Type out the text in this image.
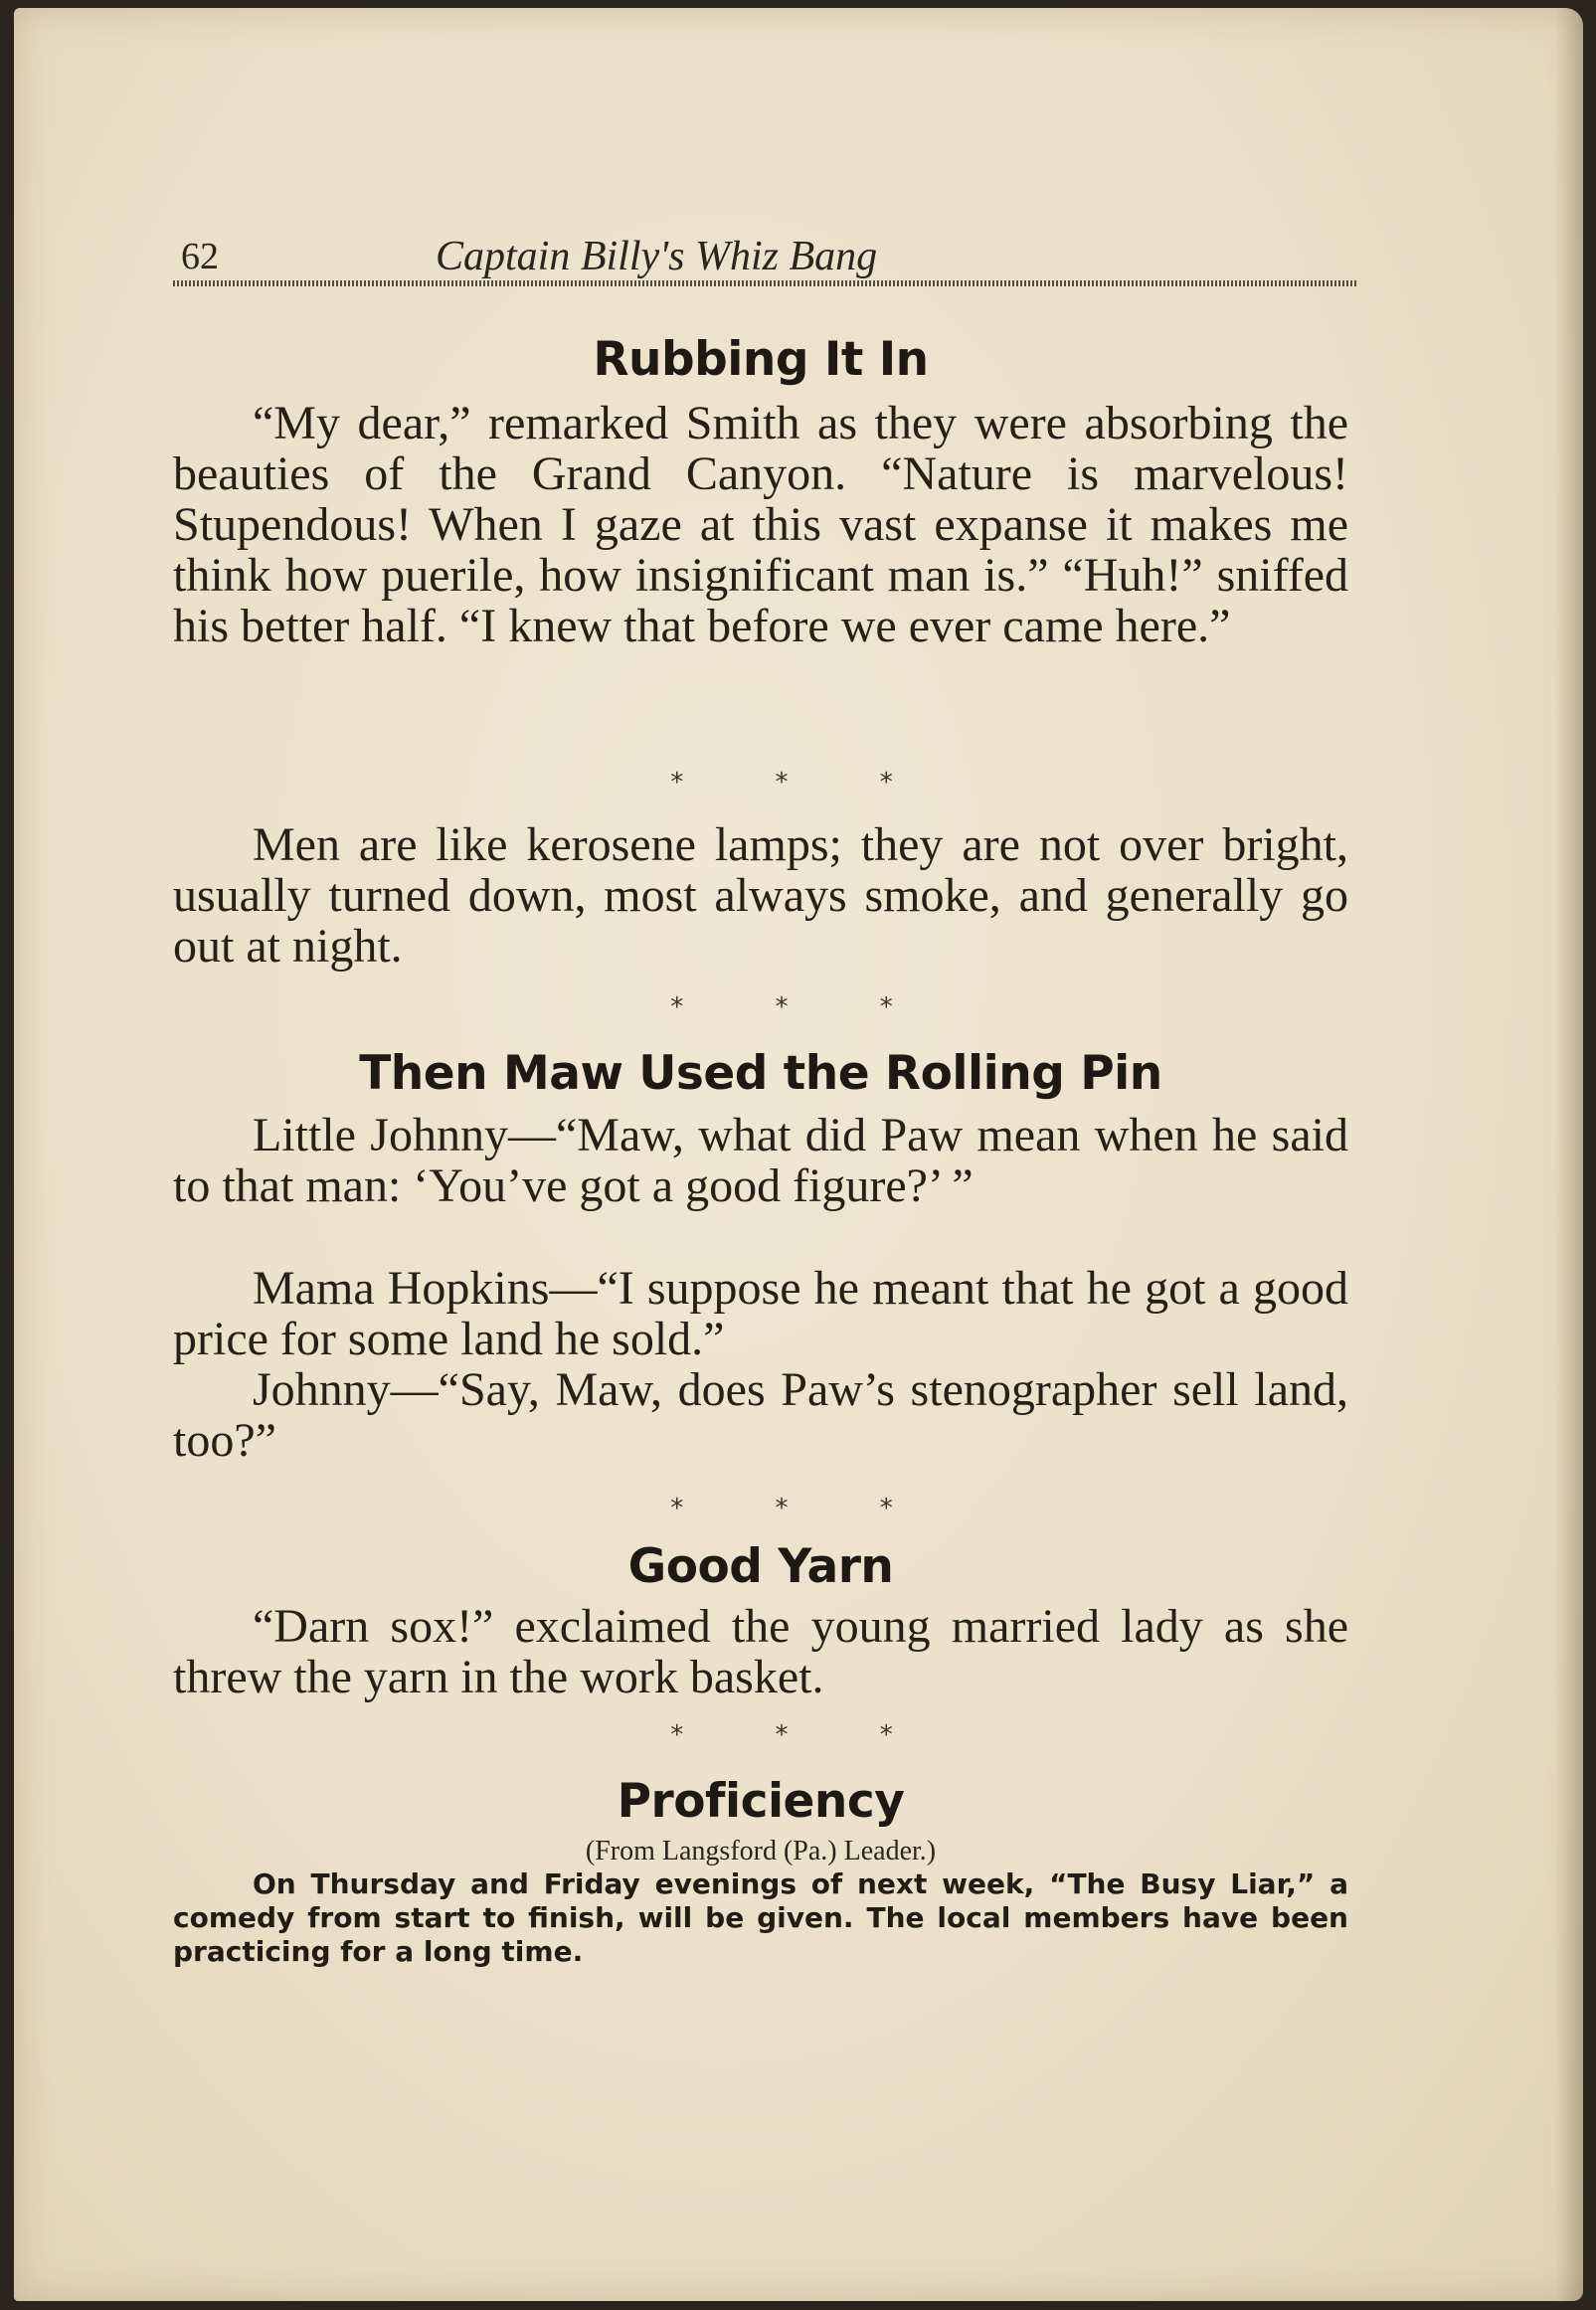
62	Captain Billy's Whiz Bang
Rubbing It In

“My dear,” remarked Smith as they were absorbing the beauties of the Grand Canyon. “Nature is marvelous! Stupendous! When I gaze at this vast expanse it makes me think how puerile, how insignificant man is.” “Huh!” sniffed his better half. “I knew that before we ever came here.”

* * *

Men are like kerosene lamps; they are not over bright, usually turned down, most always smoke, and generally go out at night.

* * *

Then Maw Used the Rolling Pin

Little Johnny—“Maw, what did Paw mean when he said to that man: ‘You’ve got a good figure?’ ”

Mama Hopkins—“I suppose he meant that he got a good price for some land he sold.”

Johnny—“Say, Maw, does Paw’s stenographer sell land, too?”

* * *

Good Yarn

“Darn sox!” exclaimed the young married lady as she threw the yarn in the work basket.

* * *

Proficiency

(From Langsford (Pa.) Leader.)

On Thursday and Friday evenings of next week, “The Busy Liar,” a comedy from start to finish, will be given. The local members have been practicing for a long time.
